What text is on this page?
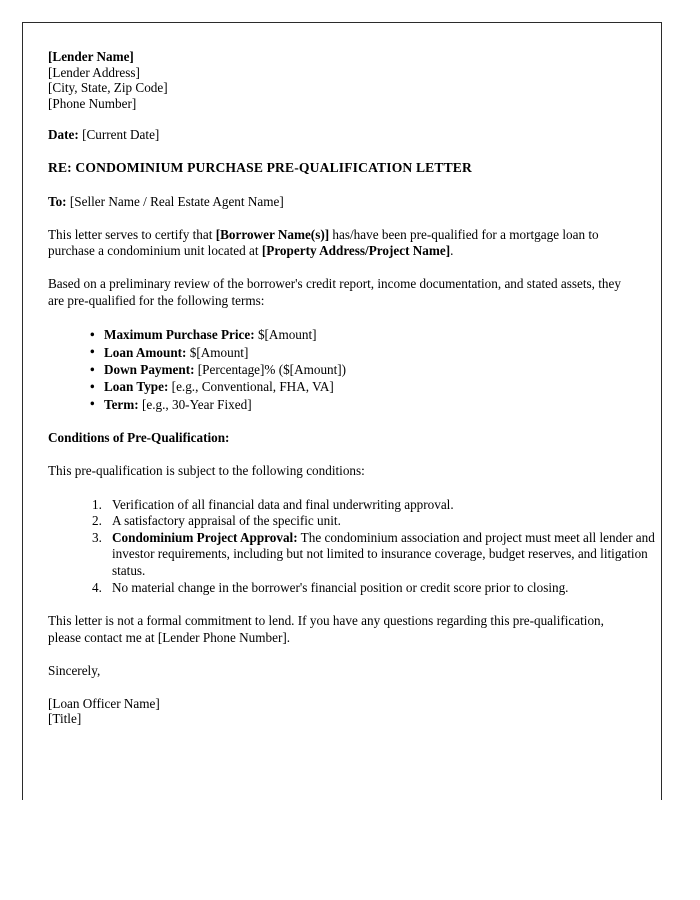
[Lender Name]
[Lender Address]
[City, State, Zip Code]
[Phone Number]
Date: [Current Date]
RE: CONDOMINIUM PURCHASE PRE-QUALIFICATION LETTER
To: [Seller Name / Real Estate Agent Name]

This letter serves to certify that [Borrower Name(s)] has/have been pre-qualified for a mortgage loan to purchase a condominium unit located at [Property Address/Project Name].

Based on a preliminary review of the borrower's credit report, income documentation, and stated assets, they are pre-qualified for the following terms:

• Maximum Purchase Price: $[Amount]
• Loan Amount: $[Amount]
• Down Payment: [Percentage]% ($[Amount])
• Loan Type: [e.g., Conventional, FHA, VA]
• Term: [e.g., 30-Year Fixed]
Conditions of Pre-Qualification:

This pre-qualification is subject to the following conditions:

Verification of all financial data and final underwriting approval.
A satisfactory appraisal of the specific unit.
Condominium Project Approval: The condominium association and project must meet all lender and investor requirements, including but not limited to insurance coverage, budget reserves, and litigation status.
No material change in the borrower's financial position or credit score prior to closing.

This letter is not a formal commitment to lend. If you have any questions regarding this pre-qualification, please contact me at [Lender Phone Number].

Sincerely,
[Loan Officer Name]
[Title]
